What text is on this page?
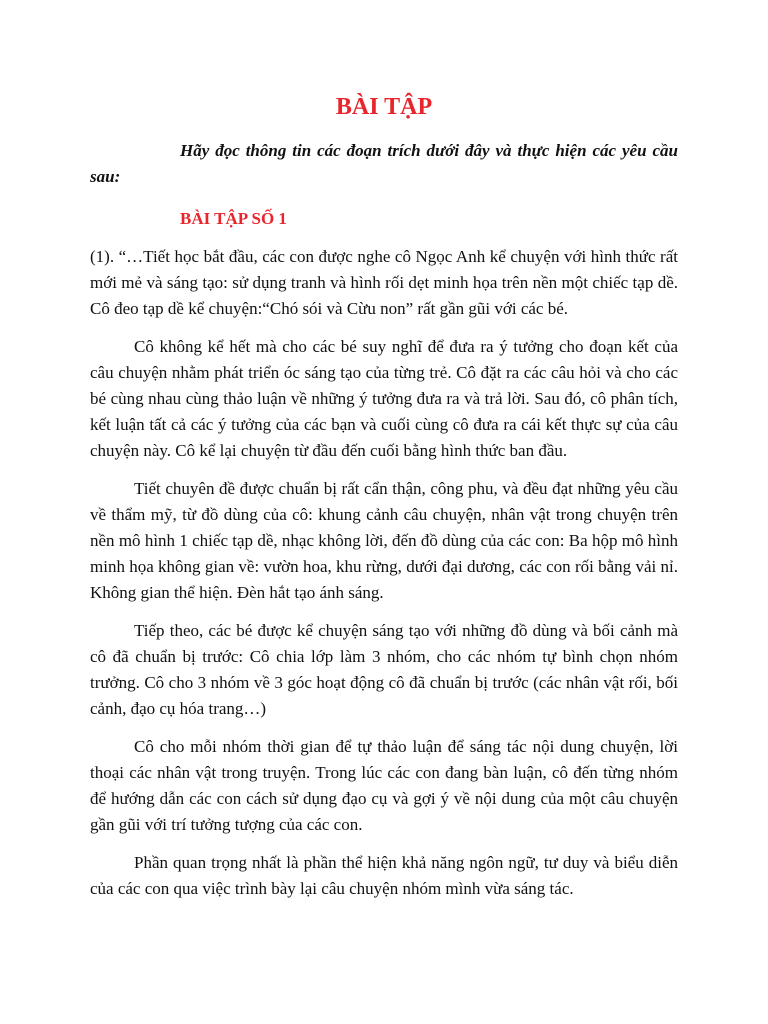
BÀI TẬP
Hãy đọc thông tin các đoạn trích dưới đây và thực hiện các yêu cầu sau:
BÀI TẬP SỐ 1

(1). “…Tiết học bắt đầu, các con được nghe cô Ngọc Anh kể chuyện với hình thức rất mới mẻ và sáng tạo: sử dụng tranh và hình rối dẹt minh họa trên nền một chiếc tạp dề. Cô đeo tạp dề kể chuyện:“Chó sói và Cừu non” rất gần gũi với các bé.

Cô không kể hết mà cho các bé suy nghĩ để đưa ra ý tưởng cho đoạn kết của câu chuyện nhằm phát triển óc sáng tạo của từng trẻ. Cô đặt ra các câu hỏi và cho các bé cùng nhau cùng thảo luận về những ý tưởng đưa ra và trả lời. Sau đó, cô phân tích, kết luận tất cả các ý tưởng của các bạn và cuối cùng cô đưa ra cái kết thực sự của câu chuyện này. Cô kể lại chuyện từ đầu đến cuối bằng hình thức ban đầu.

Tiết chuyên đề được chuẩn bị rất cẩn thận, công phu, và đều đạt những yêu cầu về thẩm mỹ, từ đồ dùng của cô: khung cảnh câu chuyện, nhân vật trong chuyện trên nền mô hình 1 chiếc tạp dề, nhạc không lời, đến đồ dùng của các con: Ba hộp mô hình minh họa không gian về: vườn hoa, khu rừng, dưới đại dương, các con rối bằng vải nỉ. Không gian thể hiện. Đèn hắt tạo ánh sáng.

Tiếp theo, các bé được kể chuyện sáng tạo với những đồ dùng và bối cảnh mà cô đã chuẩn bị trước: Cô chia lớp làm 3 nhóm, cho các nhóm tự bình chọn nhóm trưởng. Cô cho 3 nhóm về 3 góc hoạt động cô đã chuẩn bị trước (các nhân vật rối, bối cảnh, đạo cụ hóa trang…)

Cô cho mỗi nhóm thời gian để tự thảo luận để sáng tác nội dung chuyện, lời thoại các nhân vật trong truyện. Trong lúc các con đang bàn luận, cô đến từng nhóm để hướng dẫn các con cách sử dụng đạo cụ và gợi ý về nội dung của một câu chuyện gần gũi với trí tưởng tượng của các con.

Phần quan trọng nhất là phần thể hiện khả năng ngôn ngữ, tư duy và biểu diễn của các con qua việc trình bày lại câu chuyện nhóm mình vừa sáng tác.
